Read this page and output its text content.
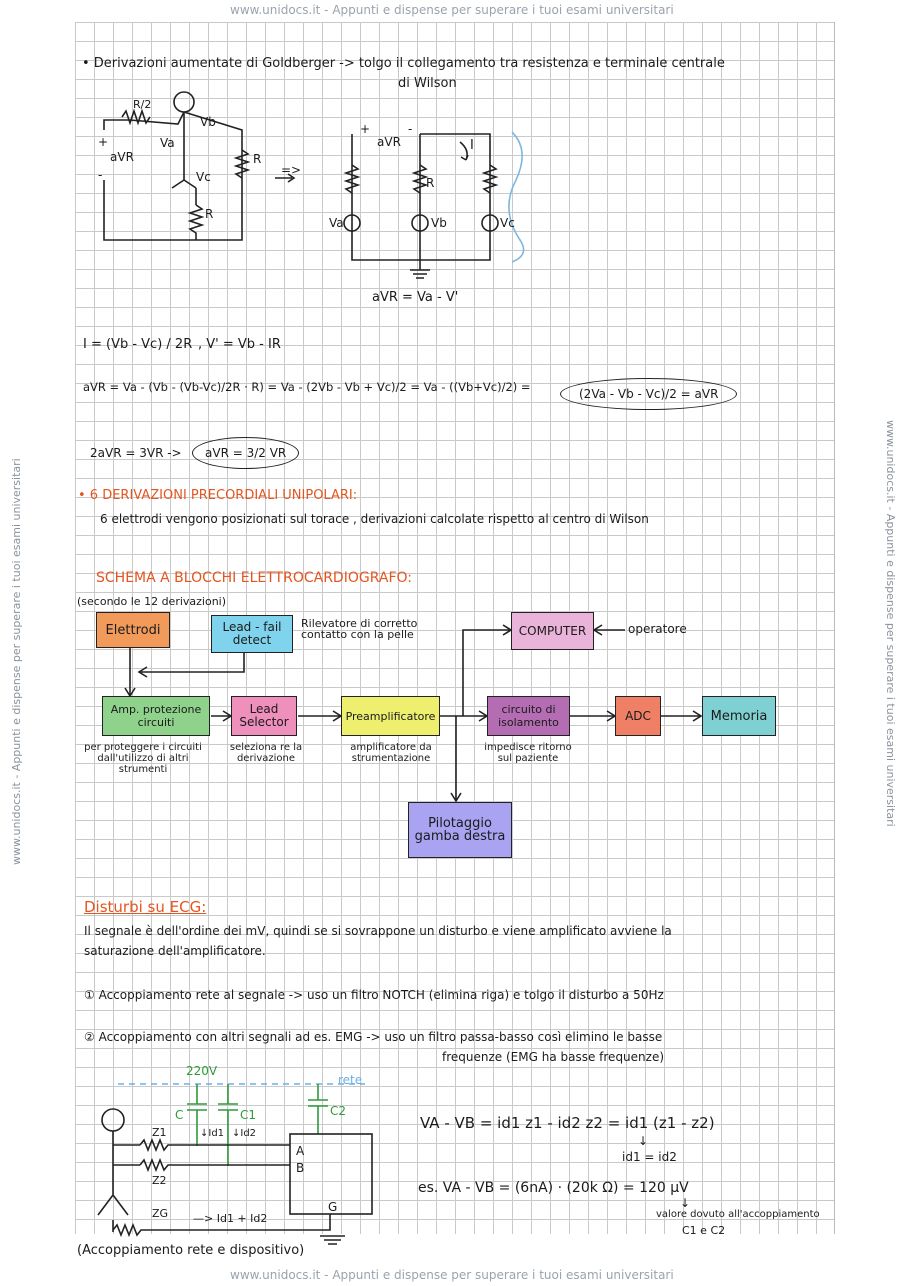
www.unidocs.it - Appunti e dispense per superare i tuoi esami universitari
www.unidocs.it - Appunti e dispense per superare i tuoi esami universitari
www.unidocs.it - Appunti e dispense per superare i tuoi esami universitari	www.unidocs.it - Appunti e dispense per superare i tuoi esami universitari
• Derivazioni aumentate di Goldberger -> tolgo il collegamento tra resistenza e terminale centrale
di Wilson
R/2
Vb
Va
aVR
+
-	Vc
R
R
=>
aVR
+	-
I
R
Va	Vb	Vc
aVR = Va - V'
I = (Vb - Vc) / 2R , V' = Vb - IR
aVR = Va - (Vb - (Vb-Vc)/2R · R) = Va - (2Vb - Vb + Vc)/2 = Va - ((Vb+Vc)/2) =	(2Va - Vb - Vc)/2 = aVR
2aVR = 3VR ->	aVR = 3/2 VR
• 6 DERIVAZIONI PRECORDIALI UNIPOLARI:
6 elettrodi vengono posizionati sul torace , derivazioni calcolate rispetto al centro di Wilson
SCHEMA A BLOCCHI ELETTROCARDIOGRAFO:
(secondo le 12 derivazioni)
Elettrodi	Lead - fail detect
Rilevatore di corretto contatto con la pelle	COMPUTER	operatore
Amp. protezione circuiti
Lead Selector	Preamplificatore	circuito di isolamento	ADC	Memoria
per proteggere i circuiti dall'utilizzo di altri strumenti
seleziona re la derivazione
amplificatore da strumentazione
impedisce ritorno sul paziente
Pilotaggio gamba destra
Disturbi su ECG:
Il segnale è dell'ordine dei mV, quindi se si sovrappone un disturbo e viene amplificato avviene la
saturazione dell'amplificatore.
① Accoppiamento rete al segnale -> uso un filtro NOTCH (elimina riga) e tolgo il disturbo a 50Hz
② Accoppiamento con altri segnali ad es. EMG -> uso un filtro passa-basso così elimino le basse
frequenze (EMG ha basse frequenze)
220V
rete
C	C1	C2
↓Id1 ↓Id2
Z1
Z2
ZG —> Id1 + Id2
A
B
G
(Accoppiamento rete e dispositivo)
VA - VB = id1 z1 - id2 z2 = id1 (z1 - z2)
↓
id1 = id2
es. VA - VB = (6nA) · (20k Ω) = 120 μV
↓
valore dovuto all'accoppiamento
C1 e C2
